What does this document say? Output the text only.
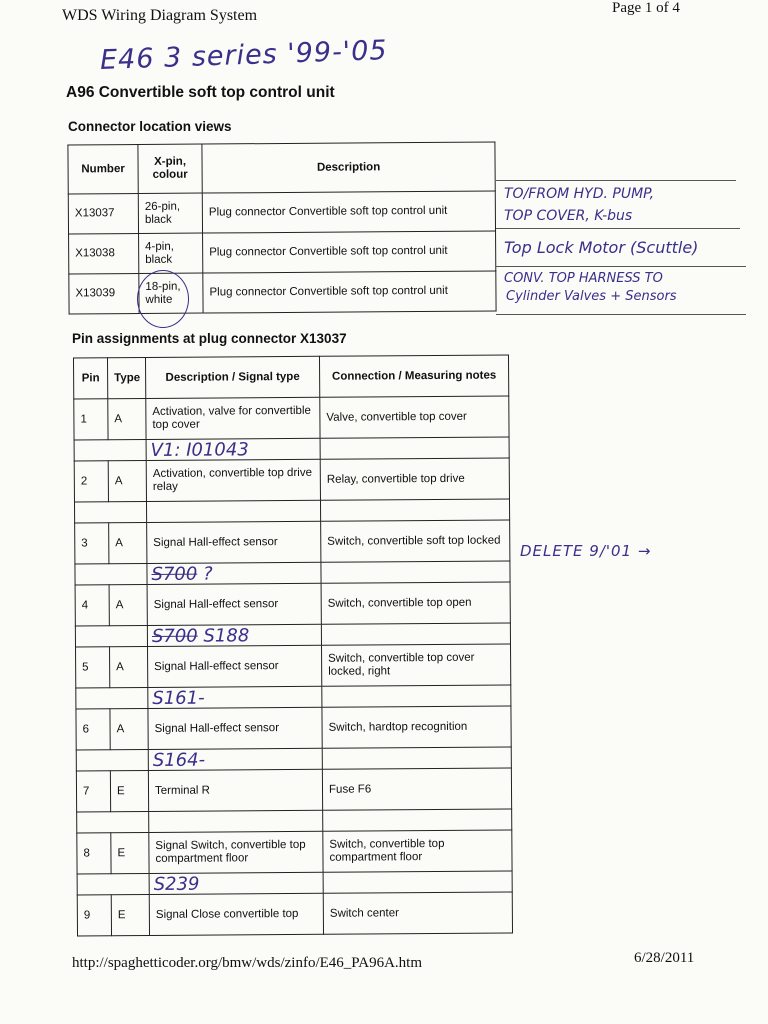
WDS Wiring Diagram System	Page 1 of 4
E46 3 series '99-'05
A96 Convertible soft top control unit
Connector location views
Number	X-pin, colour	Description
X13037	26-pin, black	Plug connector Convertible soft top control unit
X13038	4-pin, black	Plug connector Convertible soft top control unit
X13039	18-pin, white	Plug connector Convertible soft top control unit
TO/FROM HYD. PUMP,
TOP COVER, K-bus
Top Lock Motor (Scuttle)
CONV. TOP HARNESS TO
Cylinder Valves + Sensors
Pin assignments at plug connector X13037
Pin	Type	Description / Signal type	Connection / Measuring notes
1	A	Activation, valve for convertible top cover	Valve, convertible top cover
		V1: I01043	
2	A	Activation, convertible top drive relay	Relay, convertible top drive

3	A	Signal Hall-effect sensor	Switch, convertible soft top locked
		S700 ?	
4	A	Signal Hall-effect sensor	Switch, convertible top open
		S700 S188	
5	A	Signal Hall-effect sensor	Switch, convertible top cover locked, right
		S161-	
6	A	Signal Hall-effect sensor	Switch, hardtop recognition
		S164-	
7	E	Terminal R	Fuse F6

8	E	Signal Switch, convertible top compartment floor	Switch, convertible top compartment floor
		S239	
9	E	Signal Close convertible top	Switch center
DELETE 9/'01 →
http://spaghetticoder.org/bmw/wds/zinfo/E46_PA96A.htm	6/28/2011
